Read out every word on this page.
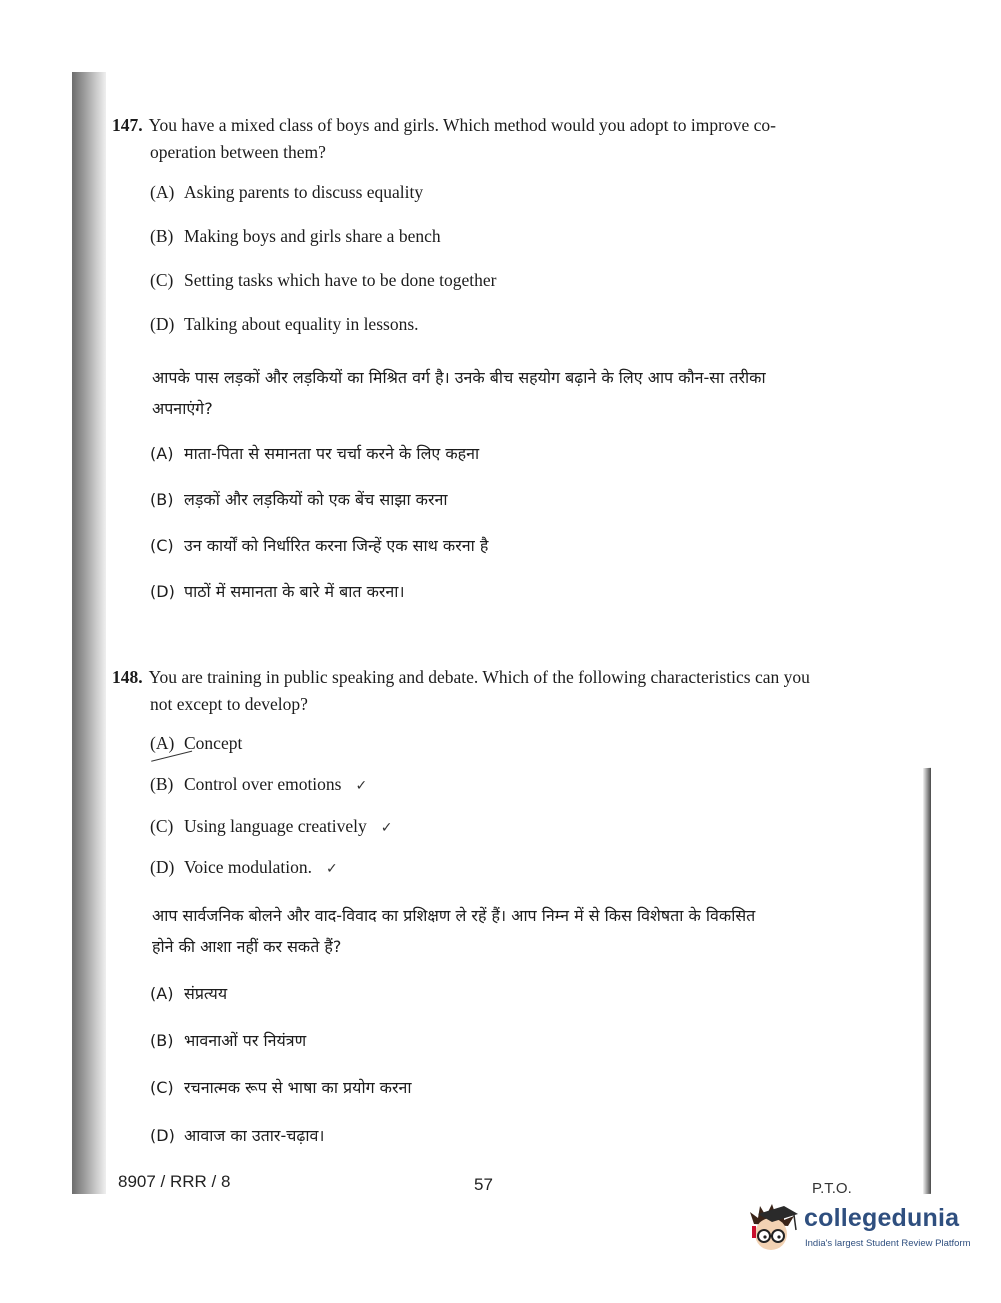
147. You have a mixed class of boys and girls. Which method would you adopt to improve co-
operation between them?
(A) Asking parents to discuss equality
(B) Making boys and girls share a bench
(C) Setting tasks which have to be done together
(D) Talking about equality in lessons.
आपके पास लड़कों और लड़कियों का मिश्रित वर्ग है। उनके बीच सहयोग बढ़ाने के लिए आप कौन-सा तरीका
अपनाएंगे?
(A) माता-पिता से समानता पर चर्चा करने के लिए कहना
(B) लड़कों और लड़कियों को एक बेंच साझा करना
(C) उन कार्यों को निर्धारित करना जिन्हें एक साथ करना है
(D) पाठों में समानता के बारे में बात करना।
148. You are training in public speaking and debate. Which of the following characteristics can you
not except to develop?
(A) Concept
(B) Control over emotions ✓
(C) Using language creatively ✓
(D) Voice modulation. ✓
आप सार्वजनिक बोलने और वाद-विवाद का प्रशिक्षण ले रहें हैं। आप निम्न में से किस विशेषता के विकसित
होने की आशा नहीं कर सकते हैं?
(A) संप्रत्यय
(B) भावनाओं पर नियंत्रण
(C) रचनात्मक रूप से भाषा का प्रयोग करना
(D) आवाज का उतार-चढ़ाव।
8907 / RRR / 8	57	P.T.O.
collegedunia
India's largest Student Review Platform
